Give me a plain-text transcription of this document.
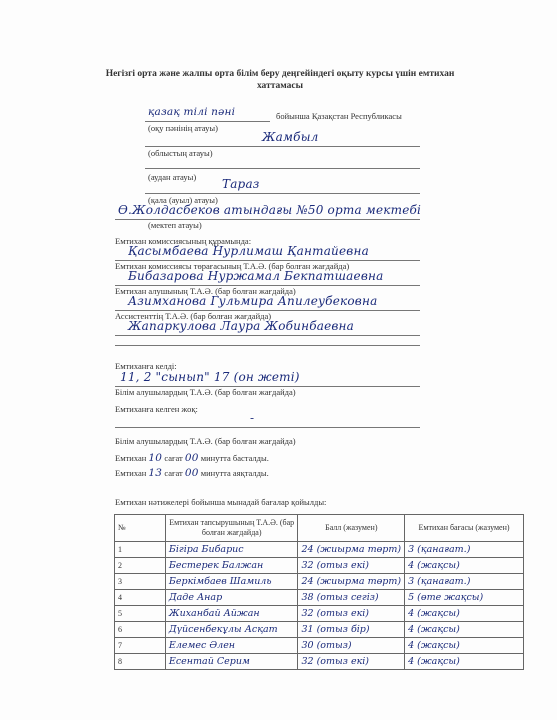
Негізгі орта және жалпы орта білім беру деңгейіндегі оқыту курсы үшін емтихан
хаттамасы
қазақ тілі пәні	бойынша Қазақстан Республикасы
(оқу пәнінің атауы)
Жамбыл
(облыстың атауы)
(аудан атауы) Тараз
(қала (ауыл) атауы)
Ө.Жолдасбеков атындағы №50 орта мектебі
(мектеп атауы)
Емтихан комиссиясының құрамында:
Қасымбаева Нурлимаш Қантайевна
Емтихан комиссиясы төрағасының Т.А.Ә. (бар болған жағдайда)
Бибазарова Нуржамал Бекпатшаевна
Емтихан алушының Т.А.Ә. (бар болған жағдайда)
Азимханова Гульмира Апилеубековна
Ассистенттің Т.А.Ә. (бар болған жағдайда)
Жапаркулова Лаура Жобинбаевна
Емтиханға келді:
11, 2 "сынып" 17 (он жеті)
Білім алушылардың Т.А.Ә. (бар болған жағдайда)
Емтиханға келген жоқ:
-
Білім алушылардың Т.А.Ә. (бар болған жағдайда)
Емтихан 10 сағат 00 минутта басталды.
Емтихан 13 сағат 00 минутта аяқталды.
Емтихан нәтижелері бойынша мынадай бағалар қойылды:
№	Емтихан тапсырушының Т.А.Ә. (бар болған жағдайда)	Балл (жазумен)	Емтихан бағасы (жазумен)
1	Бігіра Бибарис	24 (жиырма төрт)	3 (қанағат.)
2	Бестерек Балжан	32 (отыз екі)	4 (жақсы)
3	Беркімбаев Шамиль	24 (жиырма төрт)	3 (қанағат.)
4	Даде Анар	38 (отыз сегіз)	5 (өте жақсы)
5	Жиханбай Айжан	32 (отыз екі)	4 (жақсы)
6	Дүйсенбекұлы Асқат	31 (отыз бір)	4 (жақсы)
7	Елемес Әлен	30 (отыз)	4 (жақсы)
8	Есентай Серим	32 (отыз екі)	4 (жақсы)
